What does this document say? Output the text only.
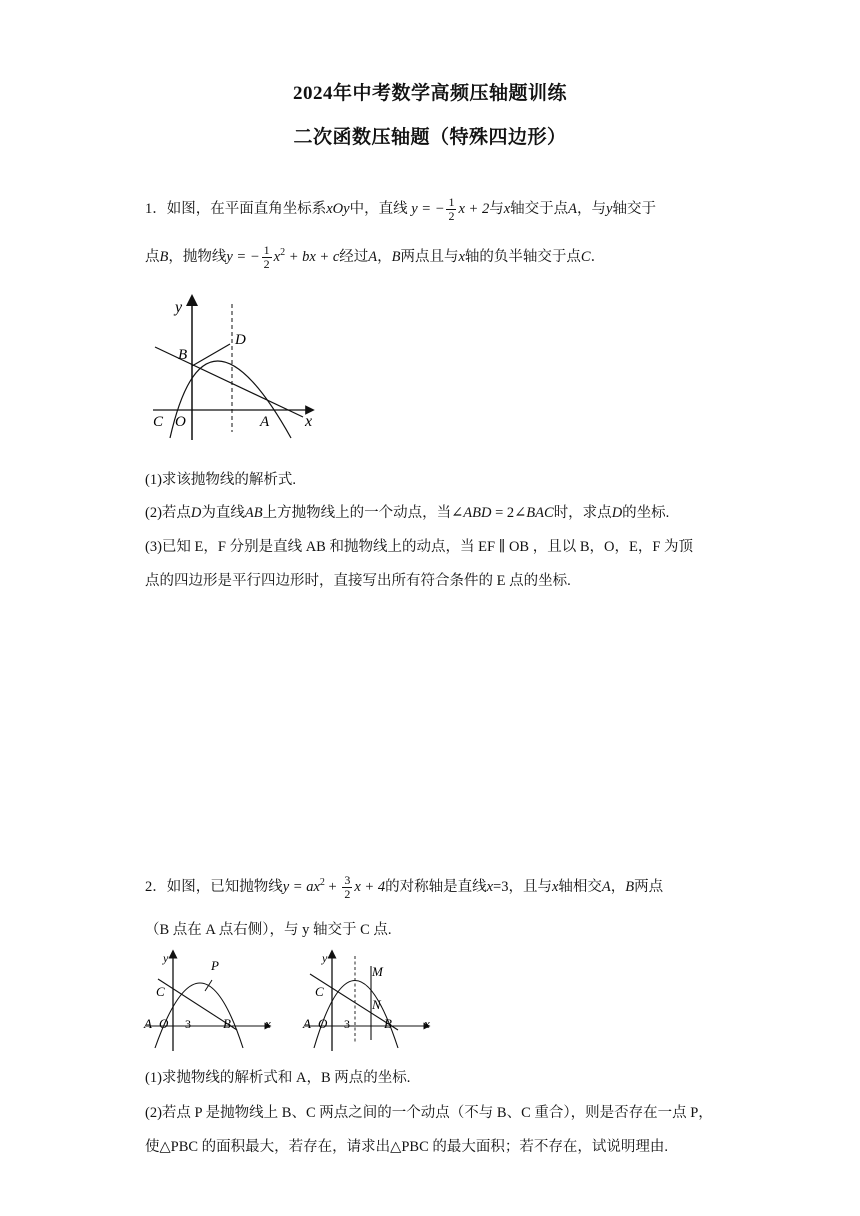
2024年中考数学高频压轴题训练
二次函数压轴题（特殊四边形）
1．如图，在平面直角坐标系xOy中，直线 y = − $\frac{1}{2}$ x + 2与x轴交于点A，与y轴交于
点B，抛物线y = − $\frac{1}{2} x^2$ + bx + c经过A，B两点且与x轴的负半轴交于点C．
y
x
B
D
C O	A
(1)求该抛物线的解析式.
(2)若点D为直线AB上方抛物线上的一个动点，当∠ABD = 2∠BAC时，求点D的坐标.
(3)已知 E，F 分别是直线 AB 和抛物线上的动点，当 EF ∥ OB ，且以 B，O，E，F 为顶
点的四边形是平行四边形时，直接写出所有符合条件的 E 点的坐标.
2．如图，已知抛物线$y = ax^2 + \frac{3}{2}$ x + 4的对称轴是直线x=3，且与x轴相交A，B两点
（B 点在 A 点右侧），与 y 轴交于 C 点.
y
x
P
C
A O 3 B
y
x
M
N
C
A O 3	B
(1)求抛物线的解析式和 A，B 两点的坐标.
(2)若点 P 是抛物线上 B、C 两点之间的一个动点（不与 B、C 重合），则是否存在一点 P，
使△PBC 的面积最大，若存在，请求出△PBC 的最大面积；若不存在，试说明理由.
